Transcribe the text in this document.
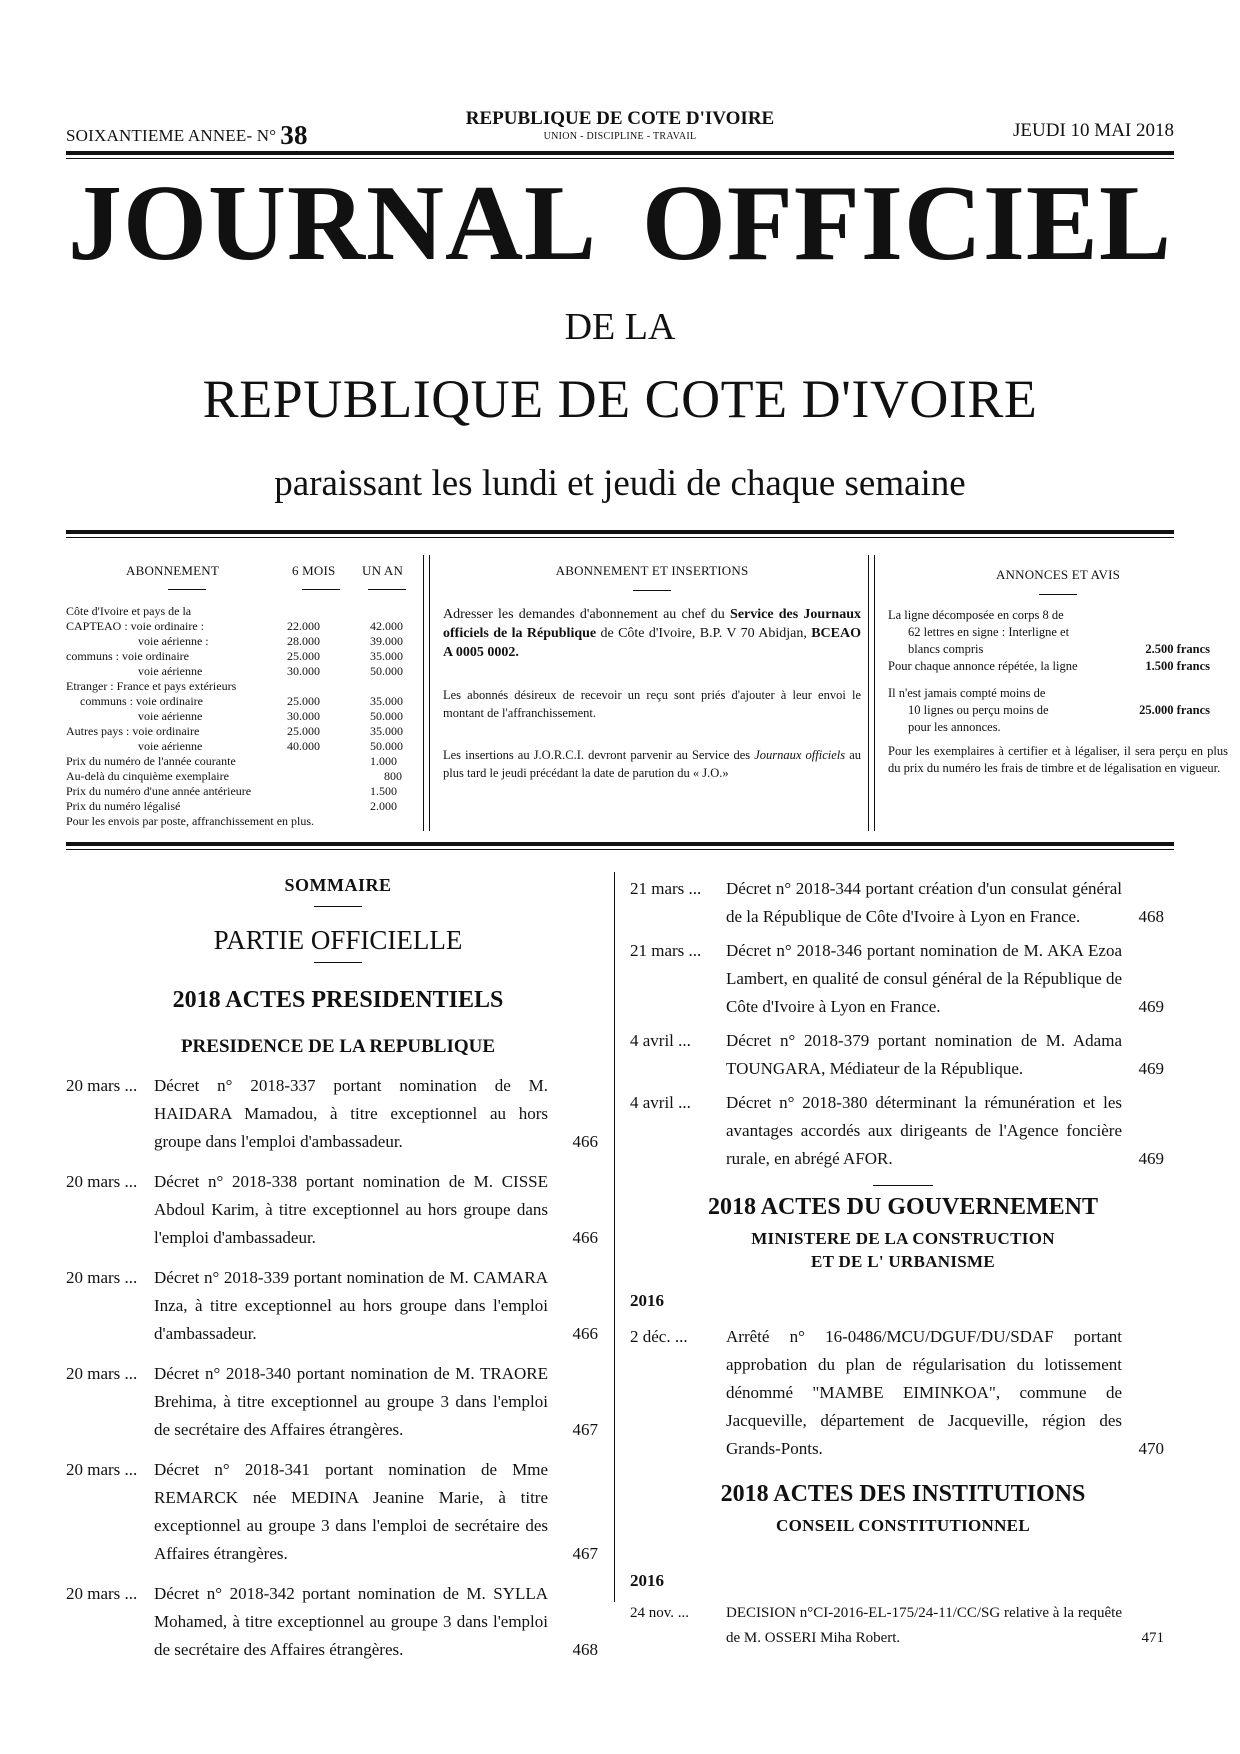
SOIXANTIEME ANNEE- N° 38
REPUBLIQUE DE COTE D'IVOIRE
UNION - DISCIPLINE - TRAVAIL	JEUDI 10 MAI 2018
JOURNAL OFFICIEL
DE LA
REPUBLIQUE DE COTE D'IVOIRE
paraissant les lundi et jeudi de chaque semaine
ABONNEMENT	6 MOIS UN AN
Côte d'Ivoire et pays de la
CAPTEAO : voie ordinaire :	22.000	42.000
voie aérienne :	28.000	39.000
communs : voie ordinaire	25.000	35.000
voie aérienne	30.000	50.000
Etranger : France et pays extérieurs
communs : voie ordinaire	25.000	35.000
voie aérienne	30.000	50.000
Autres pays : voie ordinaire	25.000	35.000
voie aérienne	40.000	50.000
Prix du numéro de l'année courante	1.000
Au-delà du cinquième exemplaire	800
Prix du numéro d'une année antérieure	1.500
Prix du numéro légalisé	2.000
Pour les envois par poste, affranchissement en plus.
ABONNEMENT ET INSERTIONS

Adresser les demandes d'abonnement au chef du Service des Journaux officiels de la République de Côte d'Ivoire, B.P. V 70 Abidjan, BCEAO A 0005 0002.

Les abonnés désireux de recevoir un reçu sont priés d'ajouter à leur envoi le montant de l'affranchissement.

Les insertions au J.O.R.C.I. devront parvenir au Service des Journaux officiels au plus tard le jeudi précédant la date de parution du « J.O.»

ANNONCES ET AVIS
La ligne décomposée en corps 8 de
62 lettres en signe : Interligne et
blancs compris	2.500 francs
Pour chaque annonce répétée, la ligne	1.500 francs
Il n'est jamais compté moins de
10 lignes ou perçu moins de	25.000 francs
pour les annonces.

Pour les exemplaires à certifier et à légaliser, il sera perçu en plus du prix du numéro les frais de timbre et de légalisation en vigueur.

SOMMAIRE
PARTIE OFFICIELLE
2018 ACTES PRESIDENTIELS
PRESIDENCE DE LA REPUBLIQUE
20 mars ... Décret n° 2018-337 portant nomination de M. HAIDARA Mamadou, à titre exceptionnel au hors groupe dans l'emploi d'ambassadeur.	466
20 mars ... Décret n° 2018-338 portant nomination de M. CISSE Abdoul Karim, à titre exceptionnel au hors groupe dans l'emploi d'ambassadeur.	466
20 mars ... Décret n° 2018-339 portant nomination de M. CAMARA Inza, à titre exceptionnel au hors groupe dans l'emploi d'ambassadeur.	466
20 mars ... Décret n° 2018-340 portant nomination de M. TRAORE Brehima, à titre exceptionnel au groupe 3 dans l'emploi de secrétaire des Affaires étrangères.	467
20 mars ... Décret n° 2018-341 portant nomination de Mme REMARCK née MEDINA Jeanine Marie, à titre exceptionnel au groupe 3 dans l'emploi de secrétaire des Affaires étrangères.	467
20 mars ... Décret n° 2018-342 portant nomination de M. SYLLA Mohamed, à titre exceptionnel au groupe 3 dans l'emploi de secrétaire des Affaires étrangères.	468
21 mars ... Décret n° 2018-344 portant création d'un consulat général de la République de Côte d'Ivoire à Lyon en France.	468
21 mars ... Décret n° 2018-346 portant nomination de M. AKA Ezoa Lambert, en qualité de consul général de la République de Côte d'Ivoire à Lyon en France.	469
4 avril ... Décret n° 2018-379 portant nomination de M. Adama TOUNGARA, Médiateur de la République.	469
4 avril ... Décret n° 2018-380 déterminant la rémunération et les avantages accordés aux dirigeants de l'Agence foncière rurale, en abrégé AFOR.	469
2018 ACTES DU GOUVERNEMENT
MINISTERE DE LA CONSTRUCTION
ET DE L' URBANISME
2016
2 déc. ... Arrêté n° 16-0486/MCU/DGUF/DU/SDAF portant approbation du plan de régularisation du lotissement dénommé "MAMBE EIMINKOA", commune de Jacqueville, département de Jacqueville, région des Grands-Ponts.	470
2018 ACTES DES INSTITUTIONS
CONSEIL CONSTITUTIONNEL
2016
24 nov. ... DECISION n°CI-2016-EL-175/24-11/CC/SG relative à la requête de M. OSSERI Miha Robert.	471
